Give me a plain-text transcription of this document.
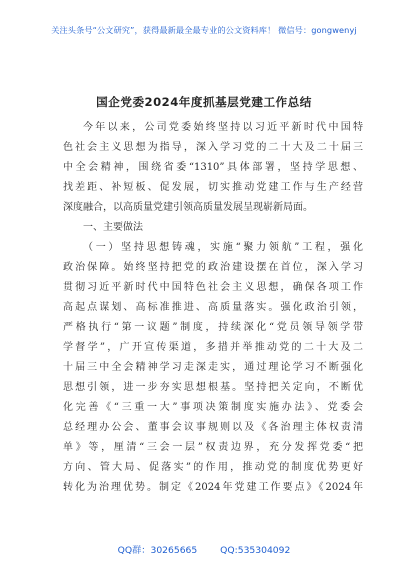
关注头条号“公文研究”，获得最新最全最专业的公文资料库！ 微信号：gongwenyj
国企党委2024年度抓基层党建工作总结
今年以来，公司党委始终坚持以习近平新时代中国特
色社会主义思想为指导，深入学习党的二十大及二十届三
中全会精神，围绕省委“1310”具体部署，坚持学思想、
找差距、补短板、促发展，切实推动党建工作与生产经营
深度融合，以高质量党建引领高质量发展呈现崭新局面。
一、主要做法
（一）坚持思想铸魂，实施“聚力领航”工程，强化
政治保障。始终坚持把党的政治建设摆在首位，深入学习
贯彻习近平新时代中国特色社会主义思想，确保各项工作
高起点谋划、高标准推进、高质量落实。强化政治引领，
严格执行“第一议题”制度，持续深化“党员领导领学带
学督学”，广开宣传渠道，多措并举推动党的二十大及二
十届三中全会精神学习走深走实，通过理论学习不断强化
思想引领，进一步夯实思想根基。坚持把关定向，不断优
化完善《“三重一大”事项决策制度实施办法》、党委会
总经理办公会、董事会议事规则以及《各治理主体权责清
单》等，厘清“三会一层”权责边界，充分发挥党委“把
方向、管大局、促落实”的作用，推动党的制度优势更好
转化为治理优势。制定《2024年党建工作要点》《2024年
QQ群：30265665 QQ:535304092
